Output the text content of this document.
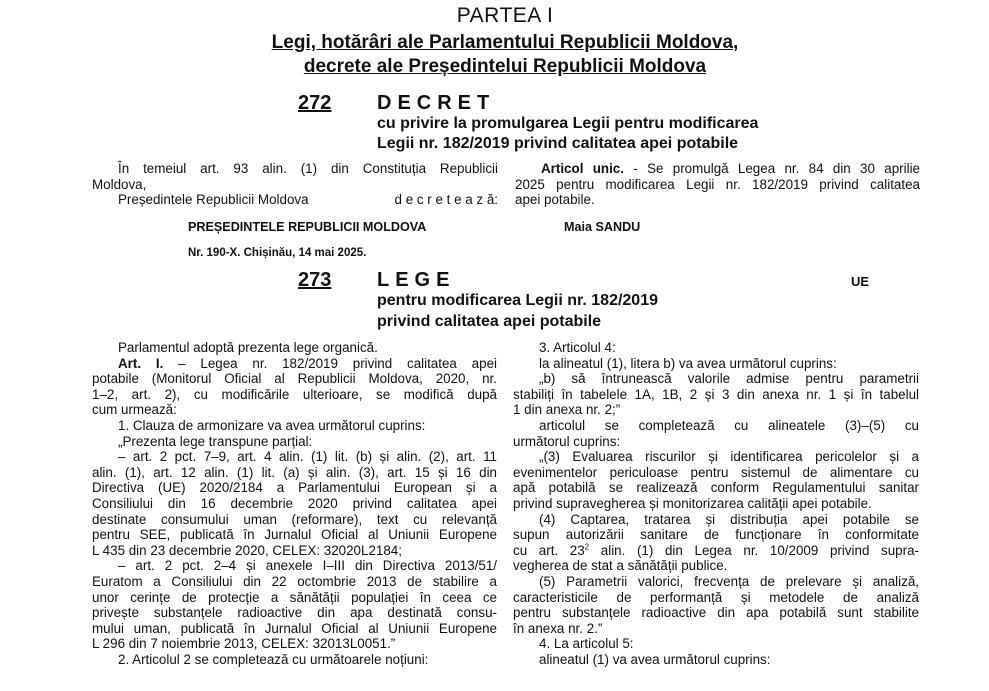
PARTEA I
Legi, hotărâri ale Parlamentului Republicii Moldova,
decrete ale Președintelui Republicii Moldova
272 DECRET
cu privire la promulgarea Legii pentru modificarea
Legii nr. 182/2019 privind calitatea apei potabile

În temeiul art. 93 alin. (1) din Constituția Republicii

Moldova,

Președintele Republicii Moldova	d e c r e t e a z ă:

Articol unic. - Se promulgă Legea nr. 84 din 30 aprilie

2025 pentru modificarea Legii nr. 182/2019 privind calitatea

apei potabile.

PREȘEDINTELE REPUBLICII MOLDOVA	Maia SANDU
Nr. 190-X. Chișinău, 14 mai 2025.
273 LEGE	UE
pentru modificarea Legii nr. 182/2019
privind calitatea apei potabile

Parlamentul adoptă prezenta lege organică.

Art. I. – Legea nr. 182/2019 privind calitatea apei

potabile (Monitorul Oficial al Republicii Moldova, 2020, nr.

1–2, art. 2), cu modificările ulterioare, se modifică după

cum urmează:

1. Clauza de armonizare va avea următorul cuprins:

„Prezenta lege transpune parțial:

– art. 2 pct. 7–9, art. 4 alin. (1) lit. (b) și alin. (2), art. 11

alin. (1), art. 12 alin. (1) lit. (a) și alin. (3), art. 15 și 16 din

Directiva (UE) 2020/2184 a Parlamentului European și a

Consiliului din 16 decembrie 2020 privind calitatea apei

destinate consumului uman (reformare), text cu relevanță

pentru SEE, publicată în Jurnalul Oficial al Uniunii Europene

L 435 din 23 decembrie 2020, CELEX: 32020L2184;

– art. 2 pct. 2–4 și anexele I–III din Directiva 2013/51/

Euratom a Consiliului din 22 octombrie 2013 de stabilire a

unor cerințe de protecție a sănătății populației în ceea ce

privește substanțele radioactive din apa destinată consu-

mului uman, publicată în Jurnalul Oficial al Uniunii Europene

L 296 din 7 noiembrie 2013, CELEX: 32013L0051.”

2. Articolul 2 se completează cu următoarele noțiuni:

3. Articolul 4:

la alineatul (1), litera b) va avea următorul cuprins:

„b) să întrunească valorile admise pentru parametrii

stabiliți în tabelele 1A, 1B, 2 și 3 din anexa nr. 1 și în tabelul

1 din anexa nr. 2;”

articolul se completează cu alineatele (3)–(5) cu

următorul cuprins:

„(3) Evaluarea riscurilor și identificarea pericolelor și a

evenimentelor periculoase pentru sistemul de alimentare cu

apă potabilă se realizează conform Regulamentului sanitar

privind supravegherea și monitorizarea calității apei potabile.

(4) Captarea, tratarea și distribuția apei potabile se

supun autorizării sanitare de funcționare în conformitate

cu art. $23^2$ alin. (1) din Legea nr. 10/2009 privind supra-

vegherea de stat a sănătății publice.

(5) Parametrii valorici, frecvența de prelevare și analiză,

caracteristicile de performanță și metodele de analiză

pentru substanțele radioactive din apa potabilă sunt stabilite

în anexa nr. 2.”

4. La articolul 5:

alineatul (1) va avea următorul cuprins:
